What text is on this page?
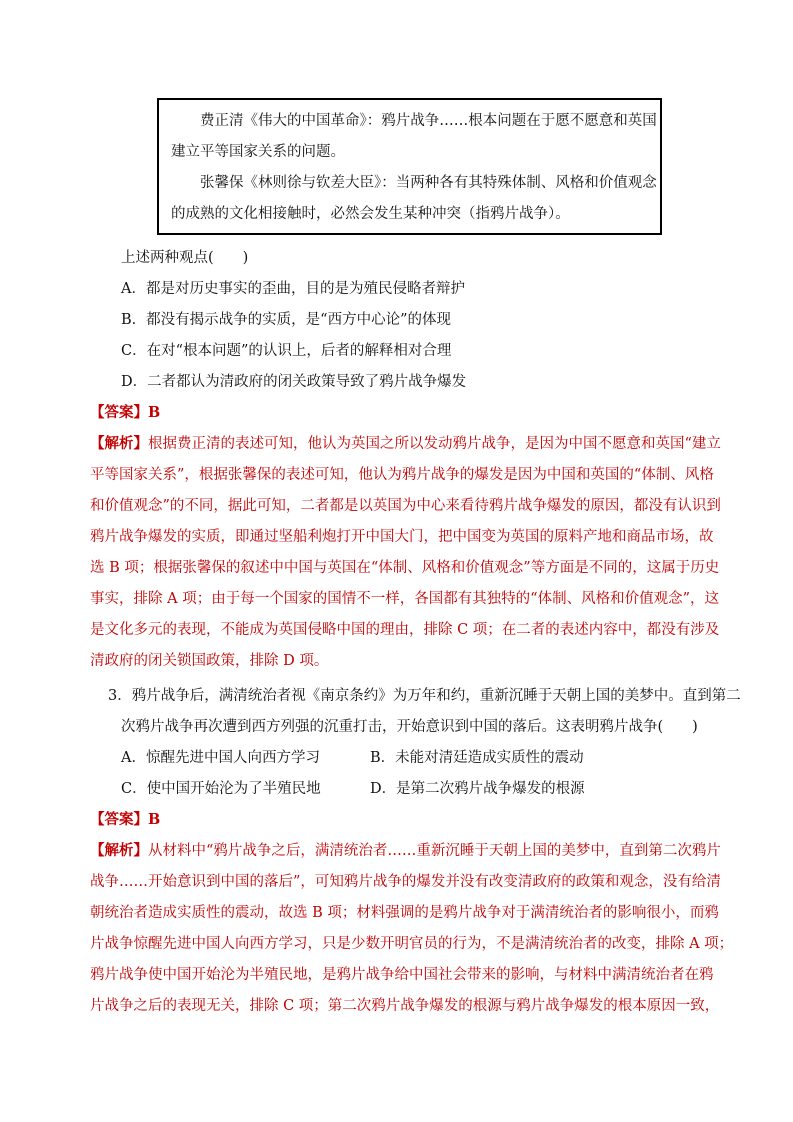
费正清《伟大的中国革命》：鸦片战争……根本问题在于愿不愿意和英国
建立平等国家关系的问题。
张馨保《林则徐与钦差大臣》：当两种各有其特殊体制、风格和价值观念
的成熟的文化相接触时，必然会发生某种冲突（指鸦片战争）。
上述两种观点(　　)
A．都是对历史事实的歪曲，目的是为殖民侵略者辩护
B．都没有揭示战争的实质，是“西方中心论”的体现
C．在对“根本问题”的认识上，后者的解释相对合理
D．二者都认为清政府的闭关政策导致了鸦片战争爆发
【答案】B
【解析】根据费正清的表述可知，他认为英国之所以发动鸦片战争，是因为中国不愿意和英国“建立
平等国家关系”，根据张馨保的表述可知，他认为鸦片战争的爆发是因为中国和英国的“体制、风格
和价值观念”的不同，据此可知，二者都是以英国为中心来看待鸦片战争爆发的原因，都没有认识到
鸦片战争爆发的实质，即通过坚船利炮打开中国大门，把中国变为英国的原料产地和商品市场，故
选 B 项；根据张馨保的叙述中中国与英国在“体制、风格和价值观念”等方面是不同的，这属于历史
事实，排除 A 项；由于每一个国家的国情不一样，各国都有其独特的“体制、风格和价值观念”，这
是文化多元的表现，不能成为英国侵略中国的理由，排除 C 项；在二者的表述内容中，都没有涉及
清政府的闭关锁国政策，排除 D 项。
3．鸦片战争后，满清统治者视《南京条约》为万年和约，重新沉睡于天朝上国的美梦中。直到第二
次鸦片战争再次遭到西方列强的沉重打击，开始意识到中国的落后。这表明鸦片战争(　　)
A．惊醒先进中国人向西方学习	B．未能对清廷造成实质性的震动
C．使中国开始沦为了半殖民地	D．是第二次鸦片战争爆发的根源
【答案】B
【解析】从材料中“鸦片战争之后，满清统治者……重新沉睡于天朝上国的美梦中，直到第二次鸦片
战争……开始意识到中国的落后”，可知鸦片战争的爆发并没有改变清政府的政策和观念，没有给清
朝统治者造成实质性的震动，故选 B 项；材料强调的是鸦片战争对于满清统治者的影响很小，而鸦
片战争惊醒先进中国人向西方学习，只是少数开明官员的行为，不是满清统治者的改变，排除 A 项；
鸦片战争使中国开始沦为半殖民地，是鸦片战争给中国社会带来的影响，与材料中满清统治者在鸦
片战争之后的表现无关，排除 C 项；第二次鸦片战争爆发的根源与鸦片战争爆发的根本原因一致，
